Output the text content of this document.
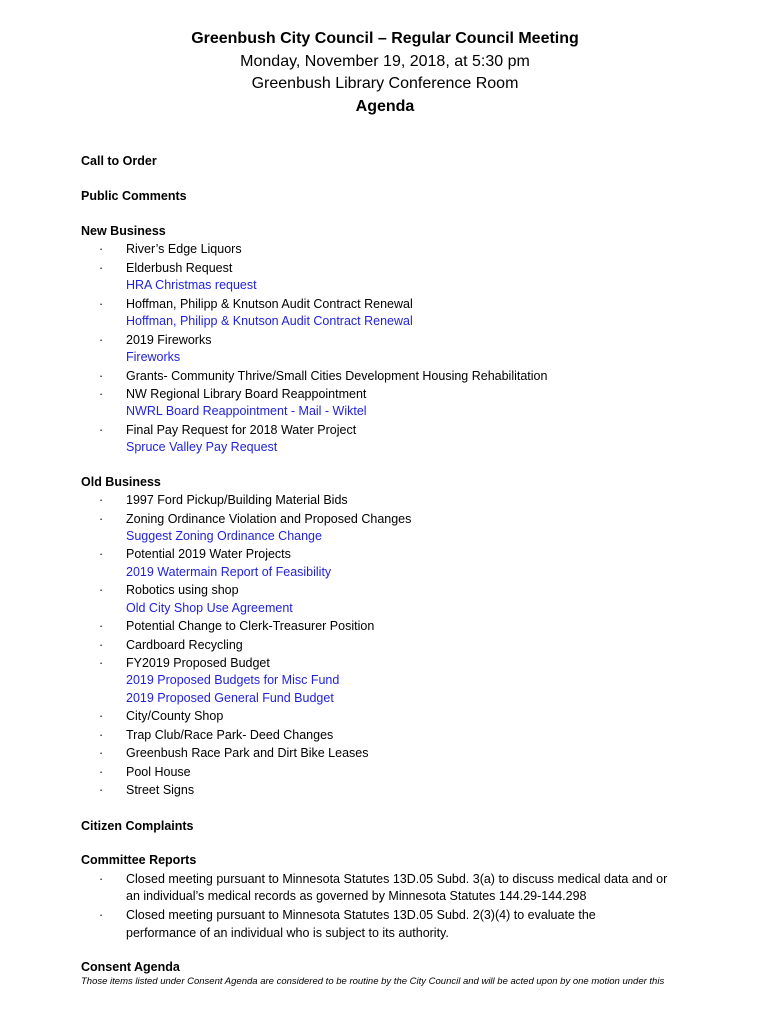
Greenbush City Council – Regular Council Meeting
Monday, November 19, 2018, at 5:30 pm
Greenbush Library Conference Room
Agenda
Call to Order
Public Comments
New Business
· River’s Edge Liquors
· Elderbush Request
HRA Christmas request
· Hoffman, Philipp & Knutson Audit Contract Renewal
Hoffman, Philipp & Knutson Audit Contract Renewal
· 2019 Fireworks
Fireworks
· Grants- Community Thrive/Small Cities Development Housing Rehabilitation
· NW Regional Library Board Reappointment
NWRL Board Reappointment - Mail - Wiktel
· Final Pay Request for 2018 Water Project
Spruce Valley Pay Request
Old Business
· 1997 Ford Pickup/Building Material Bids
· Zoning Ordinance Violation and Proposed Changes
Suggest Zoning Ordinance Change
· Potential 2019 Water Projects
2019 Watermain Report of Feasibility
· Robotics using shop
Old City Shop Use Agreement
· Potential Change to Clerk-Treasurer Position
· Cardboard Recycling
· FY2019 Proposed Budget
2019 Proposed Budgets for Misc Fund
2019 Proposed General Fund Budget
· City/County Shop
· Trap Club/Race Park- Deed Changes
· Greenbush Race Park and Dirt Bike Leases
· Pool House
· Street Signs
Citizen Complaints
Committee Reports
· Closed meeting pursuant to Minnesota Statutes 13D.05 Subd. 3(a) to discuss medical data and or
an individual’s medical records as governed by Minnesota Statutes 144.29-144.298
· Closed meeting pursuant to Minnesota Statutes 13D.05 Subd. 2(3)(4) to evaluate the
performance of an individual who is subject to its authority.
Consent Agenda
Those items listed under Consent Agenda are considered to be routine by the City Council and will be acted upon by one motion under this
